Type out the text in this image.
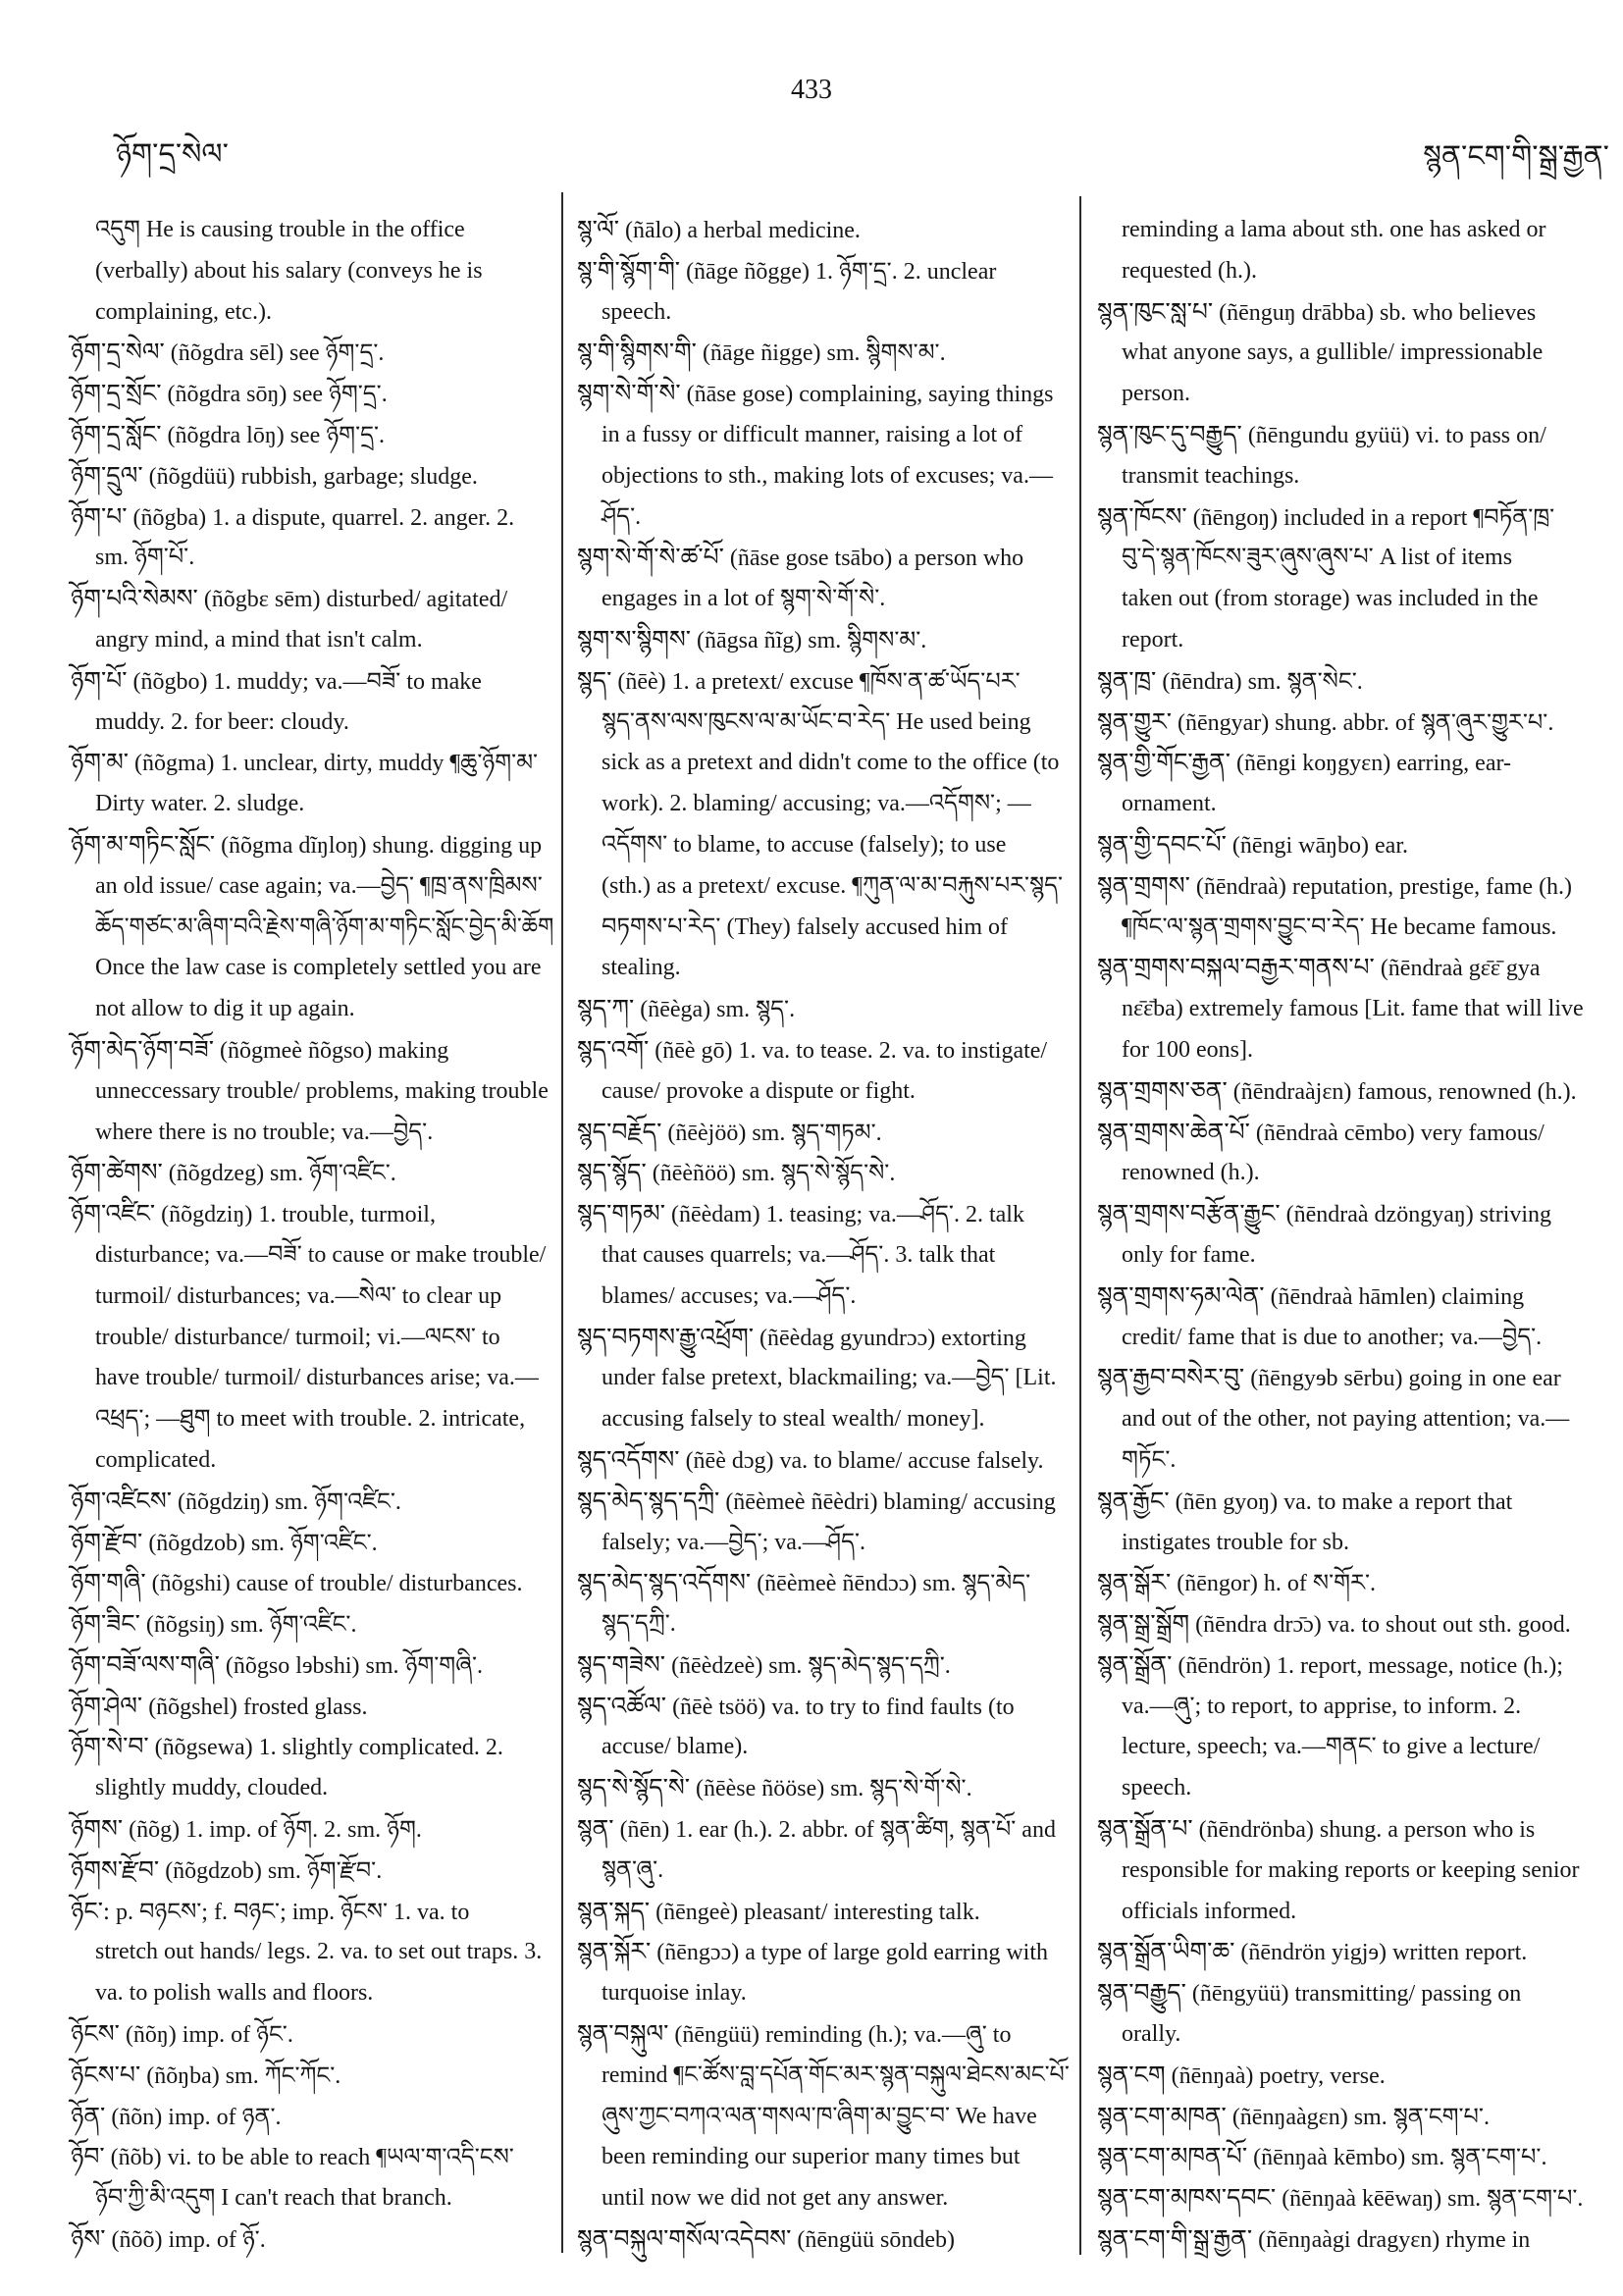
ཉོག་དྲ་སེལ་
433
སྙན་ངག་གི་སྒྲ་རྒྱན་
འདུག He is causing trouble in the office
(verbally) about his salary (conveys he is
complaining, etc.).
ཉོག་དྲ་སེལ་ (ñõgdra sēl) see ཉོག་དྲ་.
ཉོག་དྲ་སྲོང་ (ñõgdra sōŋ) see ཉོག་དྲ་.
ཉོག་དྲ་སློང་ (ñõgdra lōŋ) see ཉོག་དྲ་.
ཉོག་དྲུལ་ (ñõgdüü) rubbish, garbage; sludge.
ཉོག་པ་ (ñõgba) 1. a dispute, quarrel. 2. anger. 2.
sm. ཉོག་པོ་.
ཉོག་པའི་སེམས་ (ñõgbɛ sēm) disturbed/ agitated/
angry mind, a mind that isn't calm.
ཉོག་པོ་ (ñõgbo) 1. muddy; va.—བཟོ་ to make
muddy. 2. for beer: cloudy.
ཉོག་མ་ (ñõgma) 1. unclear, dirty, muddy ¶ཆུ་ཉོག་མ་
Dirty water. 2. sludge.
ཉོག་མ་གཏིང་སློང་ (ñõgma dĩŋloŋ) shung. digging up
an old issue/ case again; va.—བྱེད་ ¶ཁྲ་ནས་ཁྲིམས་
ཆོད་གཙང་མ་ཞིག་བའི་རྗེས་གཞི་ཉོག་མ་གཏིང་སློང་བྱེད་མི་ཆོག
Once the law case is completely settled you are
not allow to dig it up again.
ཉོག་མེད་ཉོག་བཟོ་ (ñõgmeè ñõgso) making
unneccessary trouble/ problems, making trouble
where there is no trouble; va.—བྱེད་.
ཉོག་ཚེགས་ (ñõgdzeg) sm. ཉོག་འཛིང་.
ཉོག་འཛིང་ (ñõgdziŋ) 1. trouble, turmoil,
disturbance; va.—བཟོ་ to cause or make trouble/
turmoil/ disturbances; va.—སེལ་ to clear up
trouble/ disturbance/ turmoil; vi.—ལངས་ to
have trouble/ turmoil/ disturbances arise; va.—
འཕྲད་; —ཐུག to meet with trouble. 2. intricate,
complicated.
ཉོག་འཛིངས་ (ñõgdziŋ) sm. ཉོག་འཛིང་.
ཉོག་རྫོབ་ (ñõgdzob) sm. ཉོག་འཛིང་.
ཉོག་གཞི་ (ñõgshi) cause of trouble/ disturbances.
ཉོག་ཟིང་ (ñõgsiŋ) sm. ཉོག་འཛིང་.
ཉོག་བཟོ་ལས་གཞི་ (ñõgso lɘbshi) sm. ཉོག་གཞི་.
ཉོག་ཤེལ་ (ñõgshel) frosted glass.
ཉོག་སེ་བ་ (ñõgsewa) 1. slightly complicated. 2.
slightly muddy, clouded.
ཉོགས་ (ñõg) 1. imp. of ཉོག. 2. sm. ཉོག.
ཉོགས་རྫོབ་ (ñõgdzob) sm. ཉོག་རྫོབ་.
ཉོང་: p. བཉངས་; f. བཉང་; imp. ཉོངས་ 1. va. to
stretch out hands/ legs. 2. va. to set out traps. 3.
va. to polish walls and floors.
ཉོངས་ (ñõŋ) imp. of ཉོང་.
ཉོངས་པ་ (ñõŋba) sm. ཀོང་ཀོང་.
ཉོན་ (ñõn) imp. of ཉན་.
ཉོབ་ (ñõb) vi. to be able to reach ¶ཡལ་ག་འདི་ངས་
ཉོབ་ཀྱི་མི་འདུག I can't reach that branch.
ཉོས་ (ñõõ) imp. of ཉོ་.
སྙ་ལོ་ (ñālo) a herbal medicine.
སྙ་གི་སྙོག་གི་ (ñāge ñõgge) 1. ཉོག་དྲ་. 2. unclear
speech.
སྙ་གི་སྙིགས་གི་ (ñāge ñigge) sm. སྙིགས་མ་.
སྙག་སེ་གོ་སེ་ (ñāse gose) complaining, saying things
in a fussy or difficult manner, raising a lot of
objections to sth., making lots of excuses; va.—
ཤོད་.
སྙག་སེ་གོ་སེ་ཚ་པོ་ (ñāse gose tsābo) a person who
engages in a lot of སྙག་སེ་གོ་སེ་.
སྙག་ས་སྙིགས་ (ñāgsa ñĩg) sm. སྙིགས་མ་.
སྙད་ (ñēè) 1. a pretext/ excuse ¶ཁོས་ན་ཚ་ཡོད་པར་
སྙད་ནས་ལས་ཁུངས་ལ་མ་ཡོང་བ་རེད་ He used being
sick as a pretext and didn't come to the office (to
work). 2. blaming/ accusing; va.—འདོགས་; —
འདོགས་ to blame, to accuse (falsely); to use
(sth.) as a pretext/ excuse. ¶ཀུན་ལ་མ་བརྐུས་པར་སྙད་
བཏགས་པ་རེད་ (They) falsely accused him of
stealing.
སྙད་ཀ་ (ñēèga) sm. སྙད་.
སྙད་འགོ་ (ñēè gō) 1. va. to tease. 2. va. to instigate/
cause/ provoke a dispute or fight.
སྙད་བརྗོད་ (ñēèjöö) sm. སྙད་གཏམ་.
སྙད་སྙོད་ (ñēèñöö) sm. སྙད་སེ་སྙོད་སེ་.
སྙད་གཏམ་ (ñēèdam) 1. teasing; va.—ཤོད་. 2. talk
that causes quarrels; va.—ཤོད་. 3. talk that
blames/ accuses; va.—ཤོད་.
སྙད་བཏགས་རྒྱུ་འཕྲོག་ (ñēèdag gyundrɔɔ) extorting
under false pretext, blackmailing; va.—བྱེད་ [Lit.
accusing falsely to steal wealth/ money].
སྙད་འདོགས་ (ñēè dɔg) va. to blame/ accuse falsely.
སྙད་མེད་སྙད་དཀྲི་ (ñēèmeè ñēèdri) blaming/ accusing
falsely; va.—བྱེད་; va.—ཤོད་.
སྙད་མེད་སྙད་འདོགས་ (ñēèmeè ñēndɔɔ) sm. སྙད་མེད་
སྙད་དཀྲི་.
སྙད་གཟེས་ (ñēèdzeè) sm. སྙད་མེད་སྙད་དཀྲི་.
སྙད་འཚོལ་ (ñēè tsöö) va. to try to find faults (to
accuse/ blame).
སྙད་སེ་སྙོད་སེ་ (ñēèse ñööse) sm. སྙད་སེ་གོ་སེ་.
སྙན་ (ñēn) 1. ear (h.). 2. abbr. of སྙན་ཚིག, སྙན་པོ་ and
སྙན་ཞུ་.
སྙན་སྐད་ (ñēngeè) pleasant/ interesting talk.
སྙན་སྐོར་ (ñēngɔɔ) a type of large gold earring with
turquoise inlay.
སྙན་བསྐུལ་ (ñēngüü) reminding (h.); va.—ཞུ་ to
remind ¶ང་ཚོས་བླ་དཔོན་གོང་མར་སྙན་བསྐུལ་ཐེངས་མང་པོ་
ཞུས་ཀྱང་བཀའ་ལན་གསལ་ཁ་ཞིག་མ་བྱུང་བ་ We have
been reminding our superior many times but
until now we did not get any answer.
སྙན་བསྐུལ་གསོལ་འདེབས་ (ñēngüü sōndeb)
reminding a lama about sth. one has asked or
requested (h.).
སྙན་ཁུང་སླ་པ་ (ñēnguŋ drābba) sb. who believes
what anyone says, a gullible/ impressionable
person.
སྙན་ཁུང་དུ་བརྒྱུད་ (ñēngundu gyüü) vi. to pass on/
transmit teachings.
སྙན་ཁོངས་ (ñēngoŋ) included in a report ¶བཏོན་ཁྲ་
བུ་དེ་སྙན་ཁོངས་ཟུར་ཞུས་ཞུས་པ་ A list of items
taken out (from storage) was included in the
report.
སྙན་ཁྲ་ (ñēndra) sm. སྙན་སེང་.
སྙན་གྱུར་ (ñēngyar) shung. abbr. of སྙན་ཞུར་གྱུར་པ་.
སྙན་གྱི་གོང་རྒྱན་ (ñēngi koŋgyɛn) earring, ear-
ornament.
སྙན་གྱི་དབང་པོ་ (ñēngi wāŋbo) ear.
སྙན་གྲགས་ (ñēndraà) reputation, prestige, fame (h.)
¶ཁོང་ལ་སྙན་གྲགས་བྱུང་བ་རེད་ He became famous.
སྙན་གྲགས་བསྐལ་བརྒྱར་གནས་པ་ (ñēndraà gɛ̄ɛ̄ gya
nɛ̄ɛ̄ba) extremely famous [Lit. fame that will live
for 100 eons].
སྙན་གྲགས་ཅན་ (ñēndraàjɛn) famous, renowned (h.).
སྙན་གྲགས་ཆེན་པོ་ (ñēndraà cēmbo) very famous/
renowned (h.).
སྙན་གྲགས་བརྩོན་རྒྱུང་ (ñēndraà dzöngyaŋ) striving
only for fame.
སྙན་གྲགས་ཧམ་ལེན་ (ñēndraà hāmlen) claiming
credit/ fame that is due to another; va.—བྱེད་.
སྙན་རྒྱབ་བསེར་བུ་ (ñēngyɘb sērbu) going in one ear
and out of the other, not paying attention; va.—
གཏོང་.
སྙན་རྒྱོང་ (ñēn gyoŋ) va. to make a report that
instigates trouble for sb.
སྙན་སྒོར་ (ñēngor) h. of ས་གོར་.
སྙན་སྒྲ་སྒྲོག (ñēndra drɔ̄ɔ) va. to shout out sth. good.
སྙན་སྒྲོན་ (ñēndrön) 1. report, message, notice (h.);
va.—ཞུ་; to report, to apprise, to inform. 2.
lecture, speech; va.—གནང་ to give a lecture/
speech.
སྙན་སྒྲོན་པ་ (ñēndrönba) shung. a person who is
responsible for making reports or keeping senior
officials informed.
སྙན་སྒྲོན་ཡིག་ཆ་ (ñēndrön yigjɘ) written report.
སྙན་བརྒྱུད་ (ñēngyüü) transmitting/ passing on
orally.
སྙན་ངག (ñēnŋaà) poetry, verse.
སྙན་ངག་མཁན་ (ñēnŋaàgɛn) sm. སྙན་ངག་པ་.
སྙན་ངག་མཁན་པོ་ (ñēnŋaà kēmbo) sm. སྙན་ངག་པ་.
སྙན་ངག་མཁས་དབང་ (ñēnŋaà kēēwaŋ) sm. སྙན་ངག་པ་.
སྙན་ངག་གི་སྒྲ་རྒྱན་ (ñēnŋaàgi dragyɛn) rhyme in
